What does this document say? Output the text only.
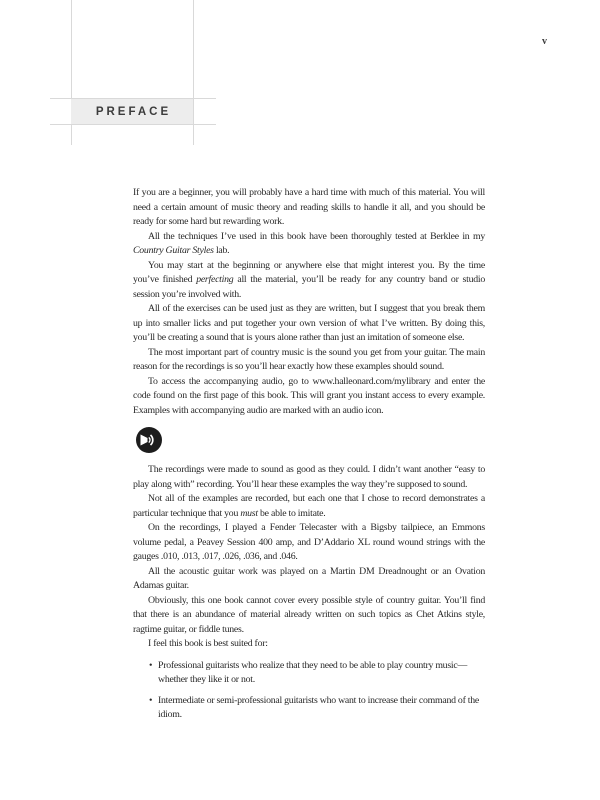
PREFACE
v

If you are a beginner, you will probably have a hard time with much of this material. You will need a certain amount of music theory and reading skills to handle it all, and you should be ready for some hard but rewarding work.

All the techniques I’ve used in this book have been thoroughly tested at Berklee in my Country Guitar Styles lab.

You may start at the beginning or anywhere else that might interest you. By the time you’ve finished perfecting all the material, you’ll be ready for any country band or studio session you’re involved with.

All of the exercises can be used just as they are written, but I suggest that you break them up into smaller licks and put together your own version of what I’ve written. By doing this, you’ll be creating a sound that is yours alone rather than just an imitation of someone else.

The most important part of country music is the sound you get from your guitar. The main reason for the recordings is so you’ll hear exactly how these examples should sound.

To access the accompanying audio, go to www.halleonard.com/mylibrary and enter the code found on the first page of this book. This will grant you instant access to every example. Examples with accompanying audio are marked with an audio icon.

The recordings were made to sound as good as they could. I didn’t want another “easy to play along with” recording. You’ll hear these examples the way they’re supposed to sound.

Not all of the examples are recorded, but each one that I chose to record demonstrates a particular technique that you must be able to imitate.

On the recordings, I played a Fender Telecaster with a Bigsby tailpiece, an Emmons volume pedal, a Peavey Session 400 amp, and D’Addario XL round wound strings with the gauges .010, .013, .017, .026, .036, and .046.

All the acoustic guitar work was played on a Martin DM Dreadnought or an Ovation Adamas guitar.

Obviously, this one book cannot cover every possible style of country guitar. You’ll find that there is an abundance of material already written on such topics as Chet Atkins style, ragtime guitar, or fiddle tunes.

I feel this book is best suited for:

• Professional guitarists who realize that they need to be able to play country music—whether they like it or not.
• Intermediate or semi-professional guitarists who want to increase their command of the idiom.
